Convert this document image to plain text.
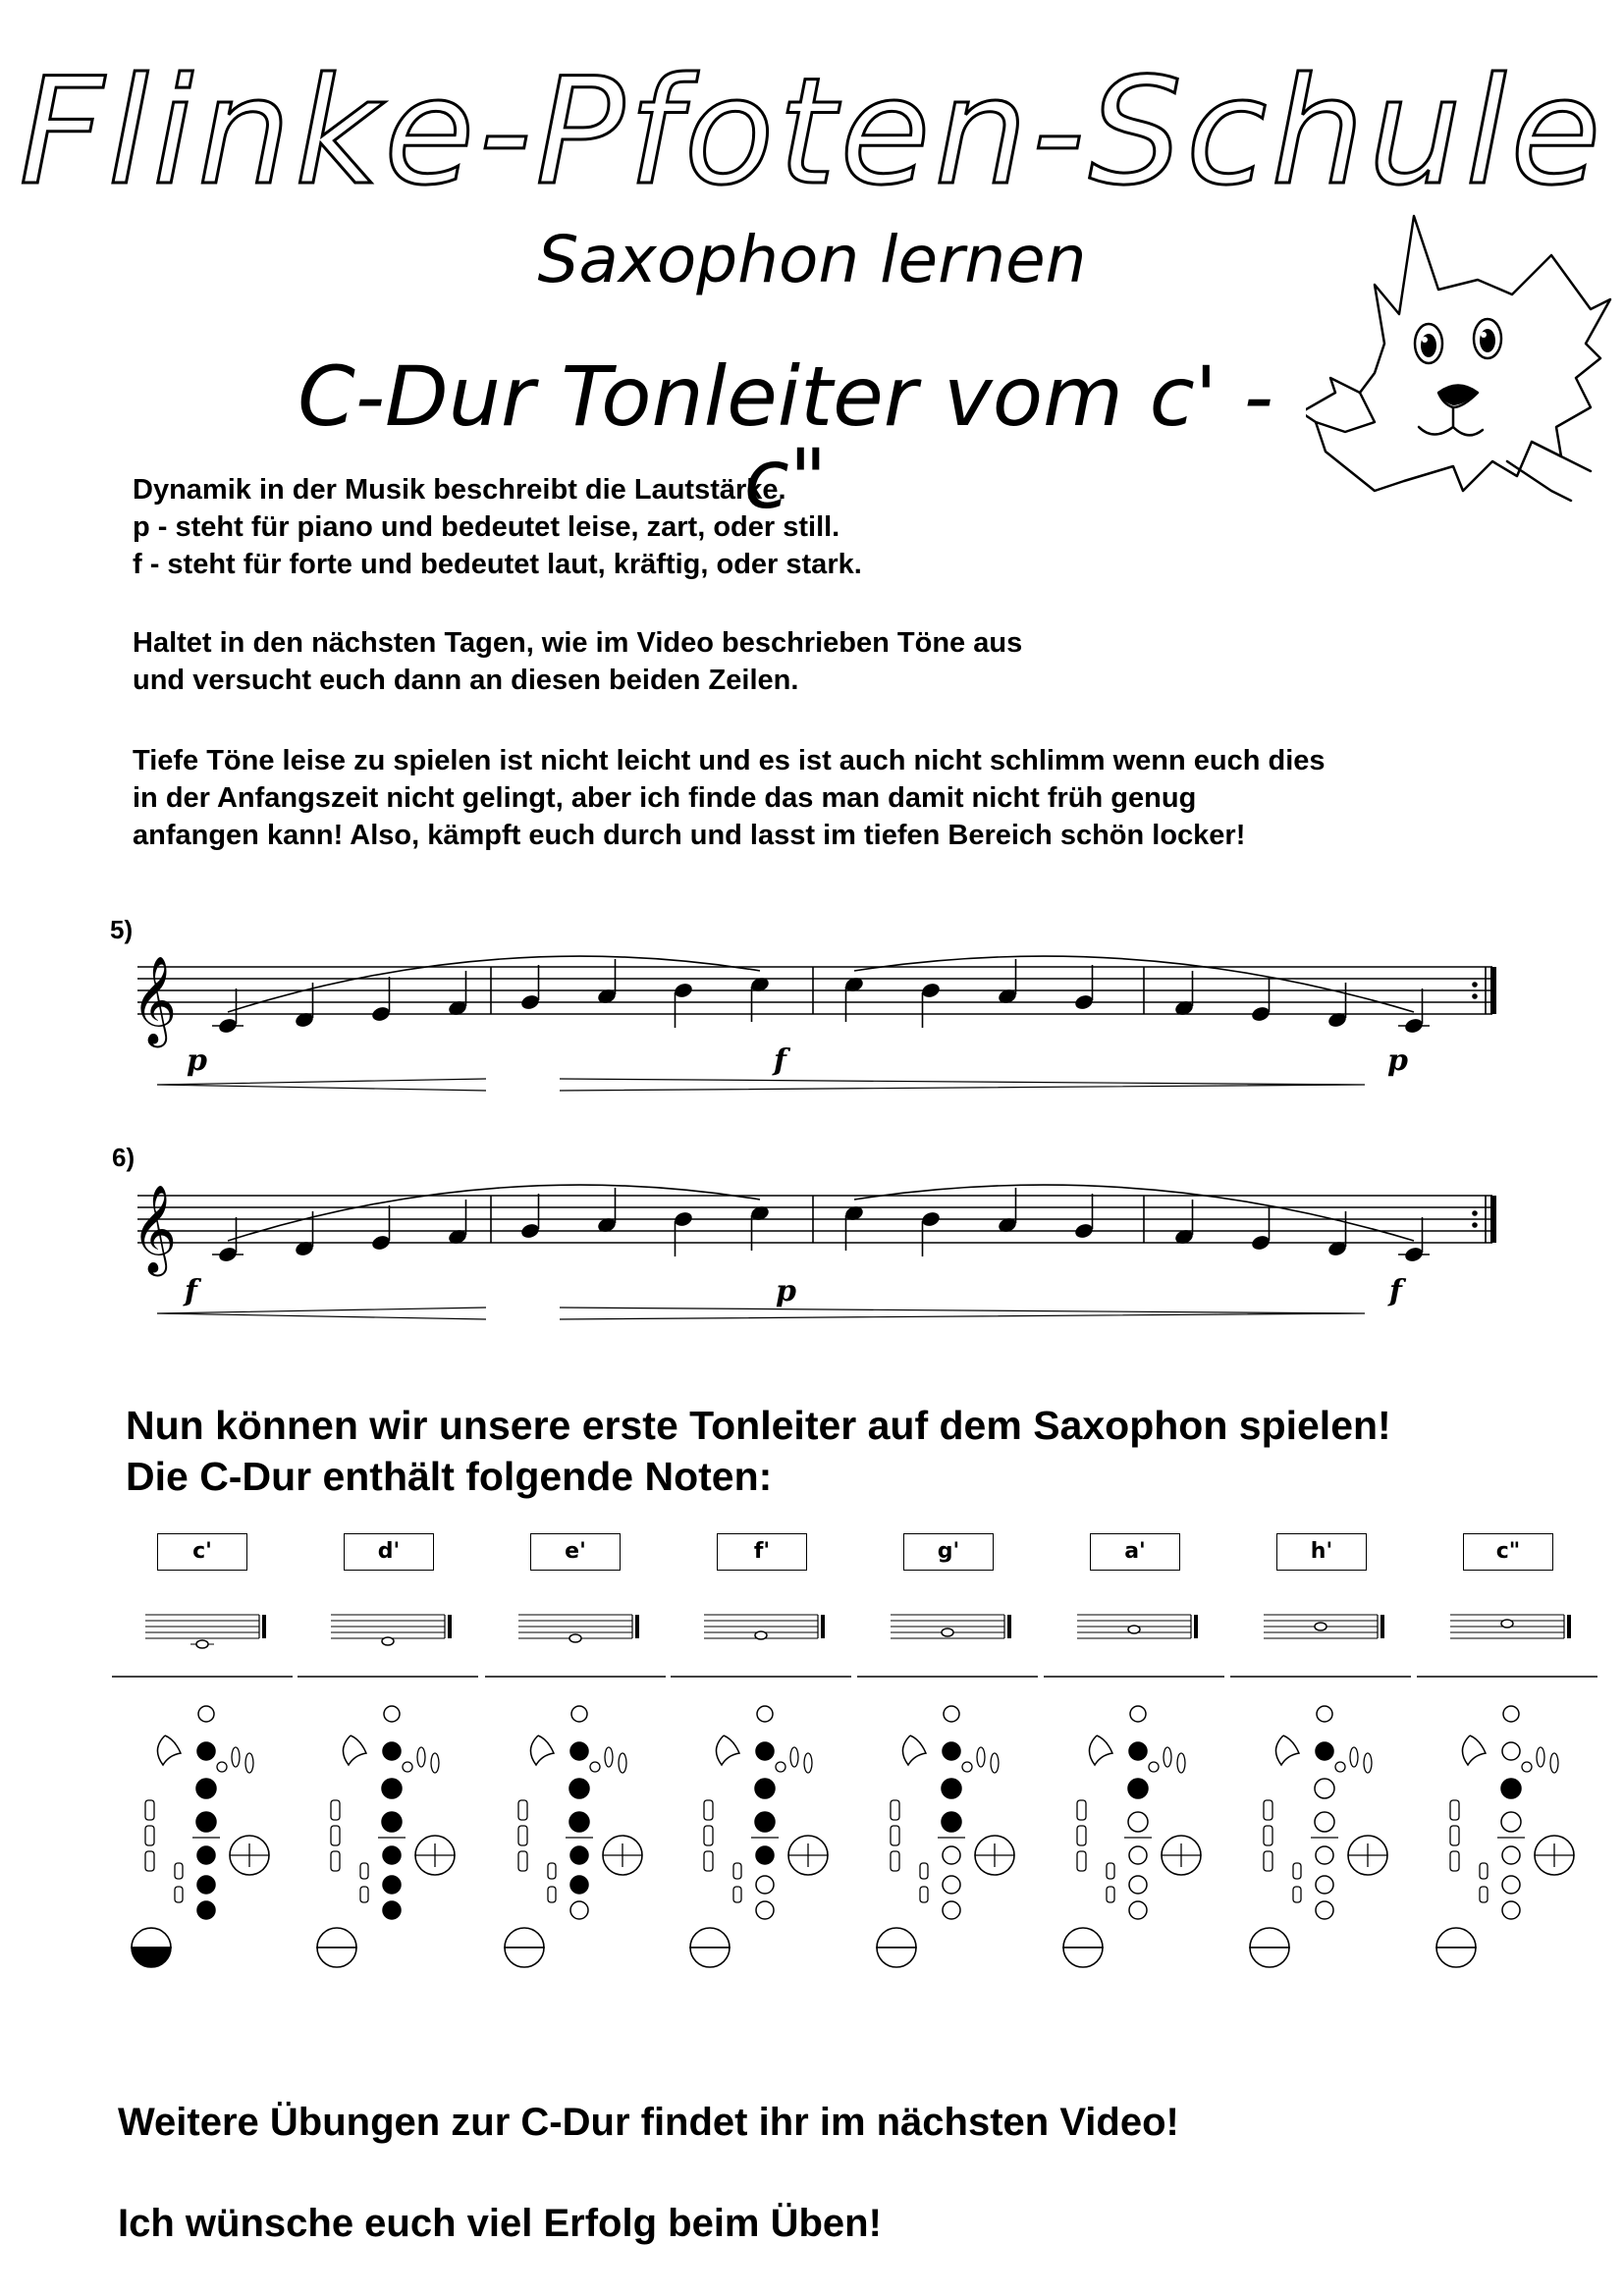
Flinke-Pfoten-Schule
Saxophon lernen
C-Dur Tonleiter vom c' - c"
Dynamik in der Musik beschreibt die Lautstärke.
p - steht für piano und bedeutet leise, zart, oder still.
f - steht für forte und bedeutet laut, kräftig, oder stark.
Haltet in den nächsten Tagen, wie im Video beschrieben Töne aus
und versucht euch dann an diesen beiden Zeilen.
Tiefe Töne leise zu spielen ist nicht leicht und es ist auch nicht schlimm wenn euch dies
in der Anfangszeit nicht gelingt, aber ich finde das man damit nicht früh genug
anfangen kann! Also, kämpft euch durch und lasst im tiefen Bereich schön locker!
5)
𝄞
p	f	p
6)
𝄞
f	p	f
Nun können wir unsere erste Tonleiter auf dem Saxophon spielen!
Die C-Dur enthält folgende Noten:
c'	d'	e'	f'	g'	a'	h'	c"
Weitere Übungen zur C-Dur findet ihr im nächsten Video!
Ich wünsche euch viel Erfolg beim Üben!
